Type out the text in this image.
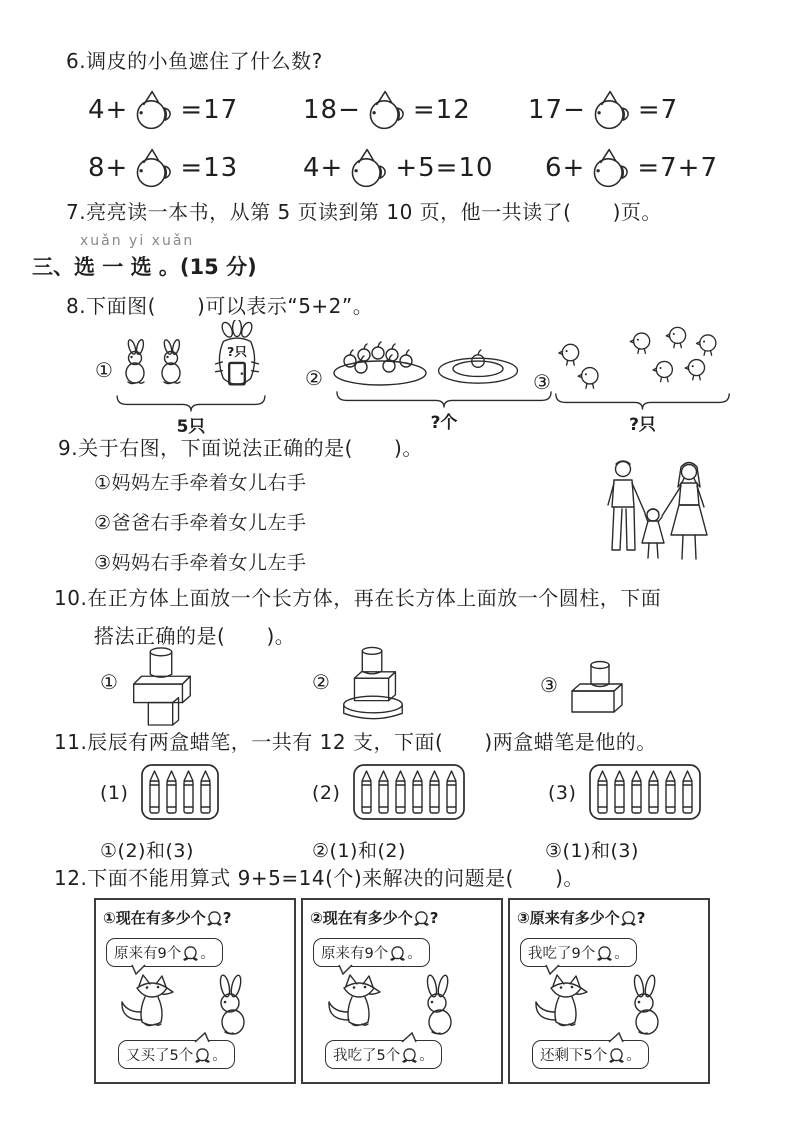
6.调皮的小鱼遮住了什么数?
4+ =17 18− =12 17− =7
8+ =13 4+ +5=10 6+ =7+7
7.亮亮读一本书，从第 5 页读到第 10 页，他一共读了(      )页。
xuǎn yi xuǎn
三、选 一 选 。(15 分)
8.下面图(      )可以表示“5+2”。
①
?只
5只
②
?个
③
?只
9.关于右图，下面说法正确的是(      )。
①妈妈左手牵着女儿右手
②爸爸右手牵着女儿左手
③妈妈右手牵着女儿左手
10.在正方体上面放一个长方体，再在长方体上面放一个圆柱，下面
搭法正确的是(      )。
①	②	③
11.辰辰有两盒蜡笔，一共有 12 支，下面(      )两盒蜡笔是他的。
(1)	(2)	(3)
①(2)和(3)	②(1)和(2)	③(1)和(3)
12.下面不能用算式 9+5=14(个)来解决的问题是(      )。
①现在有多少个 ?
原来有9个 。
又买了5个 。
②现在有多少个 ?
原来有9个 。
我吃了5个 。
③原来有多少个 ?
我吃了9个 。
还剩下5个 。
